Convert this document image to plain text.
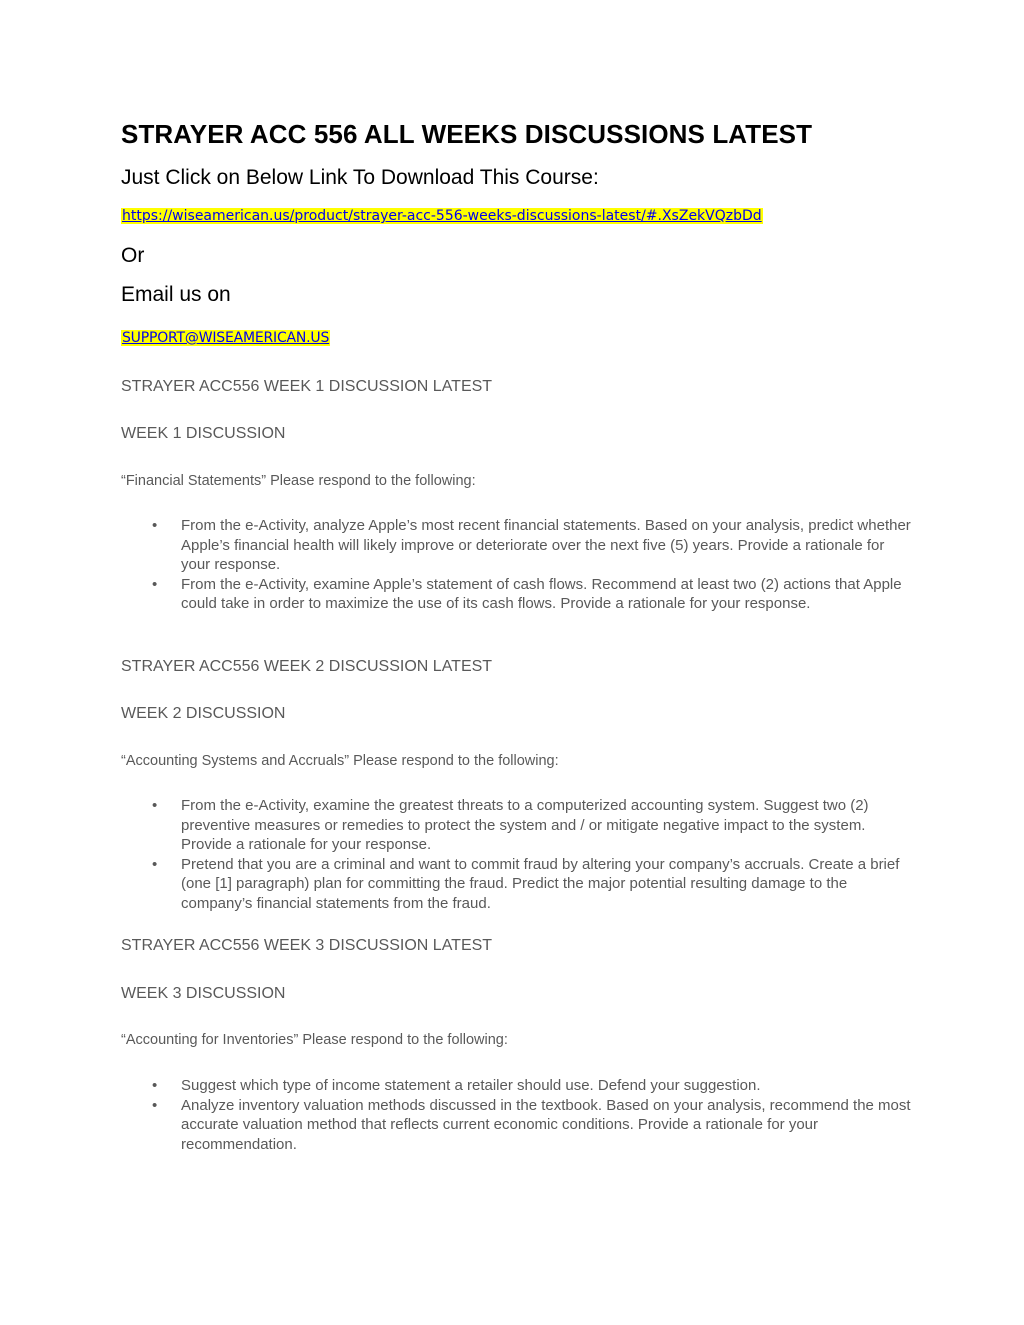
STRAYER ACC 556 ALL WEEKS DISCUSSIONS LATEST
Just Click on Below Link To Download This Course:
https://wiseamerican.us/product/strayer-acc-556-weeks-discussions-latest/#.XsZekVQzbDd
Or
Email us on
SUPPORT@WISEAMERICAN.US
STRAYER ACC556 WEEK 1 DISCUSSION LATEST
WEEK 1 DISCUSSION
“Financial Statements” Please respond to the following:
• From the e-Activity, analyze Apple’s most recent financial statements. Based on your analysis, predict whether Apple’s financial health will likely improve or deteriorate over the next five (5) years. Provide a rationale for your response.
• From the e-Activity, examine Apple’s statement of cash flows. Recommend at least two (2) actions that Apple could take in order to maximize the use of its cash flows. Provide a rationale for your response.
STRAYER ACC556 WEEK 2 DISCUSSION LATEST
WEEK 2 DISCUSSION
“Accounting Systems and Accruals” Please respond to the following:
• From the e-Activity, examine the greatest threats to a computerized accounting system. Suggest two (2) preventive measures or remedies to protect the system and / or mitigate negative impact to the system. Provide a rationale for your response.
• Pretend that you are a criminal and want to commit fraud by altering your company’s accruals. Create a brief (one [1] paragraph) plan for committing the fraud. Predict the major potential resulting damage to the company’s financial statements from the fraud.
STRAYER ACC556 WEEK 3 DISCUSSION LATEST
WEEK 3 DISCUSSION
“Accounting for Inventories” Please respond to the following:
• Suggest which type of income statement a retailer should use. Defend your suggestion.
• Analyze inventory valuation methods discussed in the textbook. Based on your analysis, recommend the most accurate valuation method that reflects current economic conditions. Provide a rationale for your recommendation.
